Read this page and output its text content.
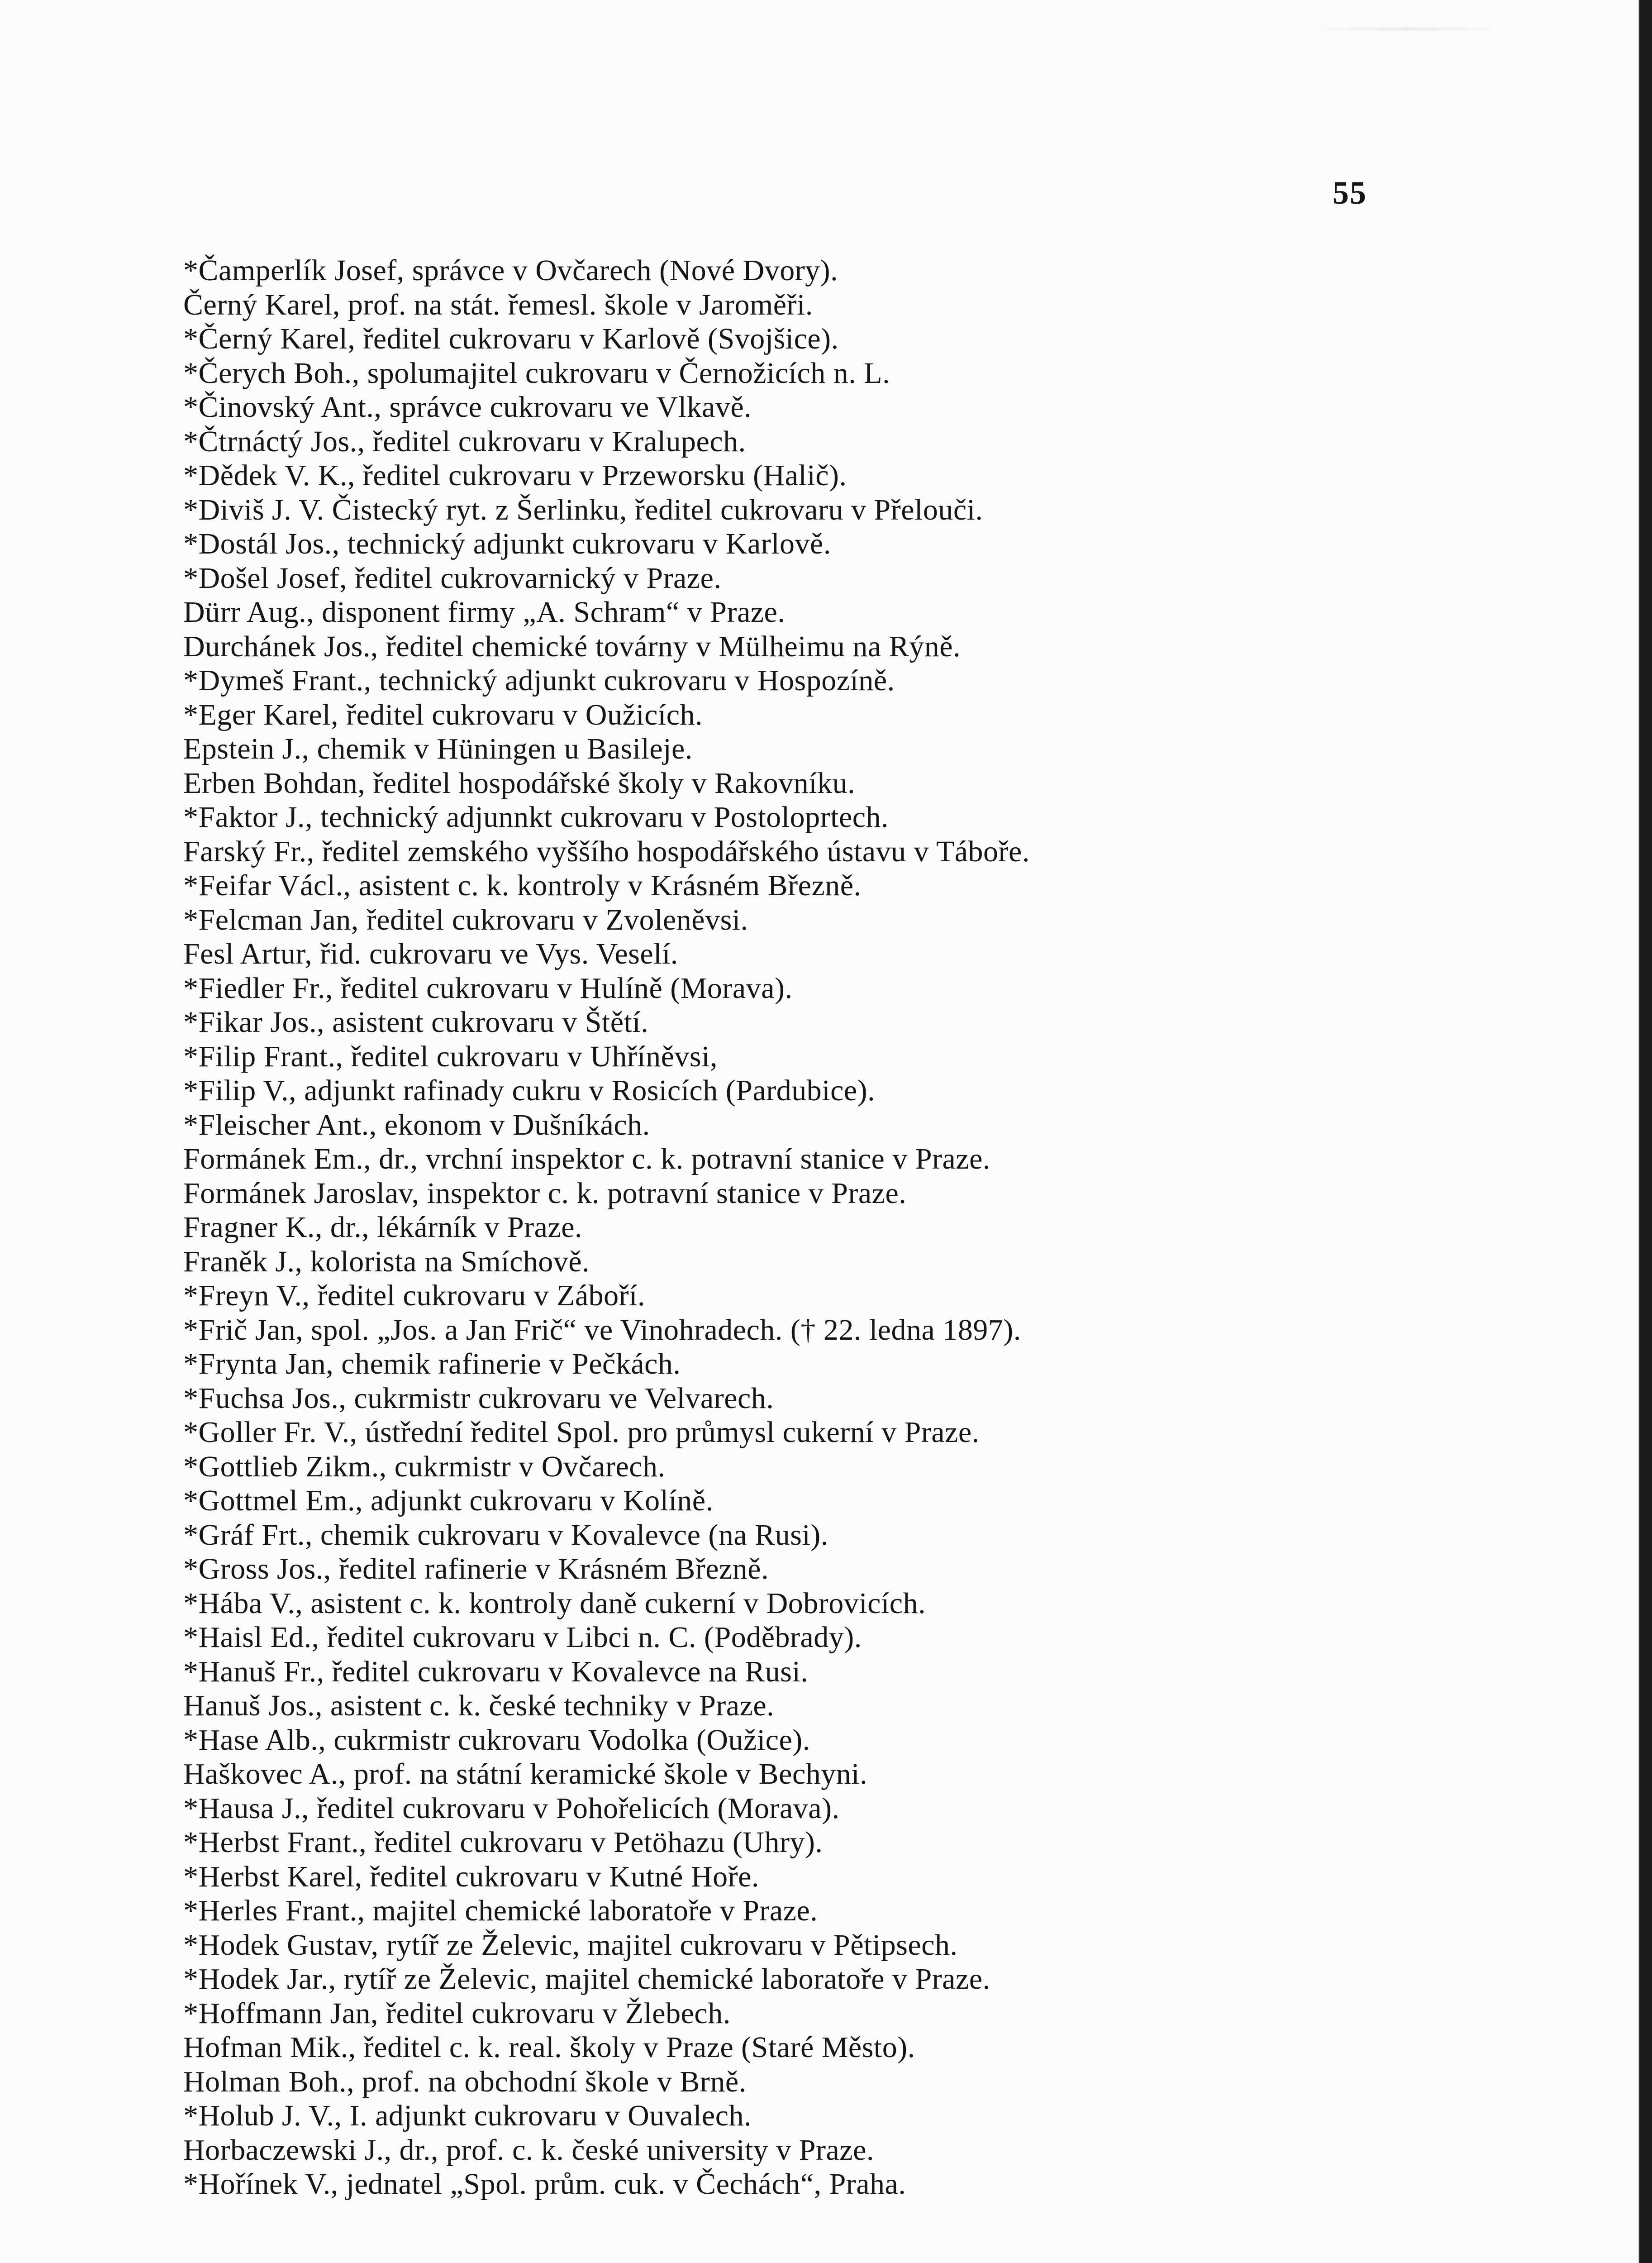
55
*Čamperlík Josef, správce v Ovčarech (Nové Dvory).
Černý Karel, prof. na stát. řemesl. škole v Jaroměři.
*Černý Karel, ředitel cukrovaru v Karlově (Svojšice).
*Čerych Boh., spolumajitel cukrovaru v Černožicích n. L.
*Činovský Ant., správce cukrovaru ve Vlkavě.
*Čtrnáctý Jos., ředitel cukrovaru v Kralupech.
*Dědek V. K., ředitel cukrovaru v Przeworsku (Halič).
*Diviš J. V. Čistecký ryt. z Šerlinku, ředitel cukrovaru v Přelouči.
*Dostál Jos., technický adjunkt cukrovaru v Karlově.
*Došel Josef, ředitel cukrovarnický v Praze.
Dürr Aug., disponent firmy „A. Schram“ v Praze.
Durchánek Jos., ředitel chemické továrny v Mülheimu na Rýně.
*Dymeš Frant., technický adjunkt cukrovaru v Hospozíně.
*Eger Karel, ředitel cukrovaru v Oužicích.
Epstein J., chemik v Hüningen u Basileje.
Erben Bohdan, ředitel hospodářské školy v Rakovníku.
*Faktor J., technický adjunnkt cukrovaru v Postoloprtech.
Farský Fr., ředitel zemského vyššího hospodářského ústavu v Táboře.
*Feifar Václ., asistent c. k. kontroly v Krásném Březně.
*Felcman Jan, ředitel cukrovaru v Zvoleněvsi.
Fesl Artur, řid. cukrovaru ve Vys. Veselí.
*Fiedler Fr., ředitel cukrovaru v Hulíně (Morava).
*Fikar Jos., asistent cukrovaru v Štětí.
*Filip Frant., ředitel cukrovaru v Uhříněvsi,
*Filip V., adjunkt rafinady cukru v Rosicích (Pardubice).
*Fleischer Ant., ekonom v Dušníkách.
Formánek Em., dr., vrchní inspektor c. k. potravní stanice v Praze.
Formánek Jaroslav, inspektor c. k. potravní stanice v Praze.
Fragner K., dr., lékárník v Praze.
Franěk J., kolorista na Smíchově.
*Freyn V., ředitel cukrovaru v Záboří.
*Frič Jan, spol. „Jos. a Jan Frič“ ve Vinohradech. († 22. ledna 1897).
*Frynta Jan, chemik rafinerie v Pečkách.
*Fuchsa Jos., cukrmistr cukrovaru ve Velvarech.
*Goller Fr. V., ústřední ředitel Spol. pro průmysl cukerní v Praze.
*Gottlieb Zikm., cukrmistr v Ovčarech.
*Gottmel Em., adjunkt cukrovaru v Kolíně.
*Gráf Frt., chemik cukrovaru v Kovalevce (na Rusi).
*Gross Jos., ředitel rafinerie v Krásném Březně.
*Hába V., asistent c. k. kontroly daně cukerní v Dobrovicích.
*Haisl Ed., ředitel cukrovaru v Libci n. C. (Poděbrady).
*Hanuš Fr., ředitel cukrovaru v Kovalevce na Rusi.
Hanuš Jos., asistent c. k. české techniky v Praze.
*Hase Alb., cukrmistr cukrovaru Vodolka (Oužice).
Haškovec A., prof. na státní keramické škole v Bechyni.
*Hausa J., ředitel cukrovaru v Pohořelicích (Morava).
*Herbst Frant., ředitel cukrovaru v Petöhazu (Uhry).
*Herbst Karel, ředitel cukrovaru v Kutné Hoře.
*Herles Frant., majitel chemické laboratoře v Praze.
*Hodek Gustav, rytíř ze Želevic, majitel cukrovaru v Pětipsech.
*Hodek Jar., rytíř ze Želevic, majitel chemické laboratoře v Praze.
*Hoffmann Jan, ředitel cukrovaru v Žlebech.
Hofman Mik., ředitel c. k. real. školy v Praze (Staré Město).
Holman Boh., prof. na obchodní škole v Brně.
*Holub J. V., I. adjunkt cukrovaru v Ouvalech.
Horbaczewski J., dr., prof. c. k. české university v Praze.
*Hořínek V., jednatel „Spol. prům. cuk. v Čechách“, Praha.
